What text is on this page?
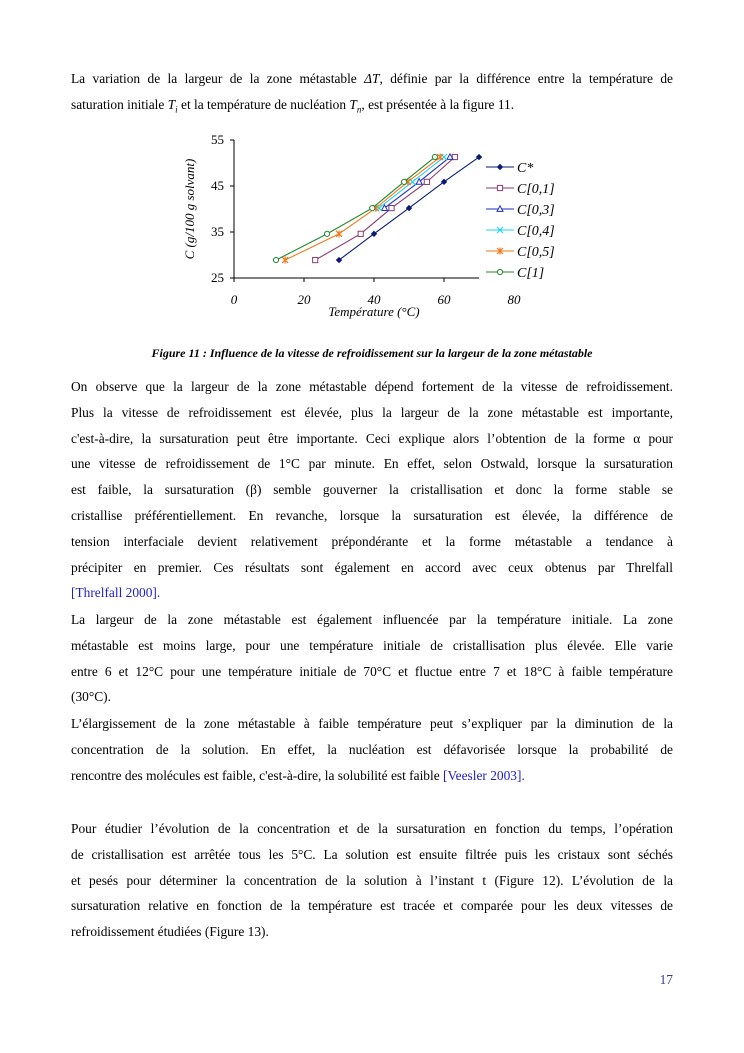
La variation de la largeur de la zone métastable ΔT, définie par la différence entre la température de
saturation initiale $T_i$ et la température de nucléation $T_n$, est présentée à la figure 11.
25
35
45
55
0	20	40	60	80
Température (°C)
C (g/100 g solvant)	C*
C[0,1]
C[0,3]
C[0,4]
C[0,5]
C[1]
Figure 11 : Influence de la vitesse de refroidissement sur la largeur de la zone métastable
On observe que la largeur de la zone métastable dépend fortement de la vitesse de refroidissement.
Plus la vitesse de refroidissement est élevée, plus la largeur de la zone métastable est importante,
c'est-à-dire, la sursaturation peut être importante. Ceci explique alors l’obtention de la forme α pour
une vitesse de refroidissement de 1°C par minute. En effet, selon Ostwald, lorsque la sursaturation
est faible, la sursaturation (β) semble gouverner la cristallisation et donc la forme stable se
cristallise préférentiellement. En revanche, lorsque la sursaturation est élevée, la différence de
tension interfaciale devient relativement prépondérante et la forme métastable a tendance à
précipiter en premier. Ces résultats sont également en accord avec ceux obtenus par Threlfall
[Threlfall 2000].
La largeur de la zone métastable est également influencée par la température initiale. La zone
métastable est moins large, pour une température initiale de cristallisation plus élevée. Elle varie
entre 6 et 12°C pour une température initiale de 70°C et fluctue entre 7 et 18°C à faible température
(30°C).
L’élargissement de la zone métastable à faible température peut s’expliquer par la diminution de la
concentration de la solution. En effet, la nucléation est défavorisée lorsque la probabilité de
rencontre des molécules est faible, c'est-à-dire, la solubilité est faible [Veesler 2003].
Pour étudier l’évolution de la concentration et de la sursaturation en fonction du temps, l’opération
de cristallisation est arrêtée tous les 5°C. La solution est ensuite filtrée puis les cristaux sont séchés
et pesés pour déterminer la concentration de la solution à l’instant t (Figure 12). L’évolution de la
sursaturation relative en fonction de la température est tracée et comparée pour les deux vitesses de
refroidissement étudiées (Figure 13).
17
